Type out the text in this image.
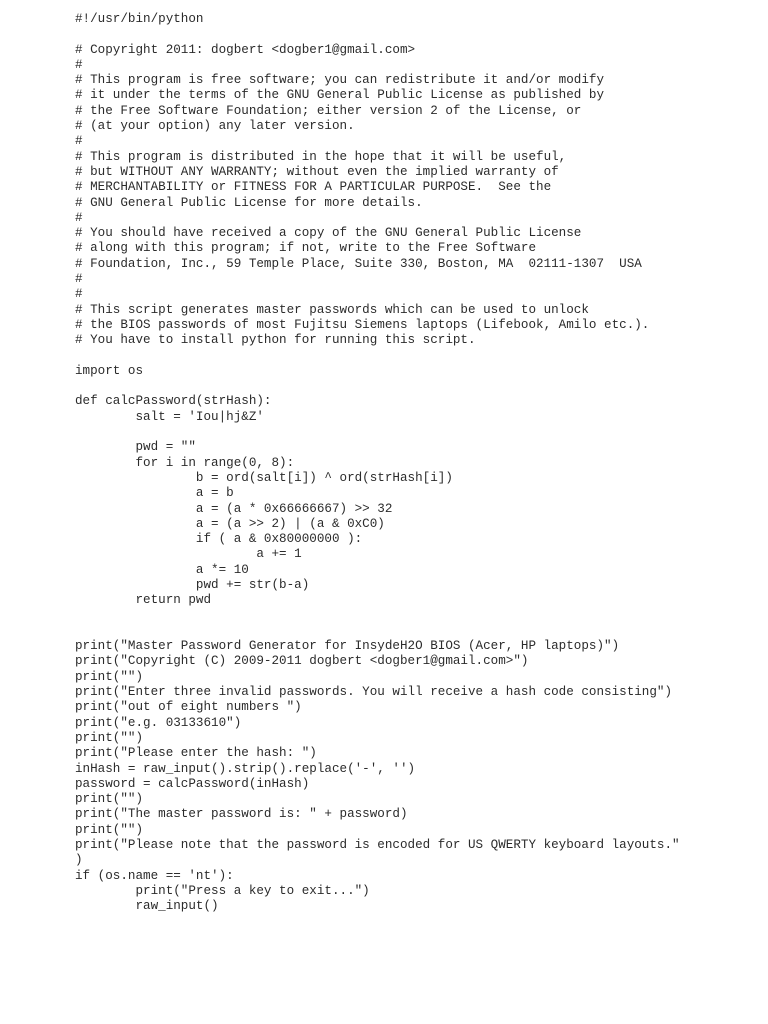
#!/usr/bin/python
# Copyright 2011: dogbert <dogber1@gmail.com>
#
# This program is free software; you can redistribute it and/or modify
# it under the terms of the GNU General Public License as published by
# the Free Software Foundation; either version 2 of the License, or
# (at your option) any later version.
#
# This program is distributed in the hope that it will be useful,
# but WITHOUT ANY WARRANTY; without even the implied warranty of
# MERCHANTABILITY or FITNESS FOR A PARTICULAR PURPOSE.  See the
# GNU General Public License for more details.
#
# You should have received a copy of the GNU General Public License
# along with this program; if not, write to the Free Software
# Foundation, Inc., 59 Temple Place, Suite 330, Boston, MA  02111-1307  USA
#
#
# This script generates master passwords which can be used to unlock
# the BIOS passwords of most Fujitsu Siemens laptops (Lifebook, Amilo etc.).
# You have to install python for running this script.
import os
def calcPassword(strHash):
salt = 'Iou|hj&Z'
pwd = ""
for i in range(0, 8):
b = ord(salt[i]) ^ ord(strHash[i])
a = b
a = (a * 0x66666667) >> 32
a = (a >> 2) | (a & 0xC0)
if ( a & 0x80000000 ):
a += 1
a *= 10
pwd += str(b-a)
return pwd
print("Master Password Generator for InsydeH2O BIOS (Acer, HP laptops)")
print("Copyright (C) 2009-2011 dogbert <dogber1@gmail.com>")
print("")
print("Enter three invalid passwords. You will receive a hash code consisting")
print("out of eight numbers ")
print("e.g. 03133610")
print("")
print("Please enter the hash: ")
inHash = raw_input().strip().replace('-', '')
password = calcPassword(inHash)
print("")
print("The master password is: " + password)
print("")
print("Please note that the password is encoded for US QWERTY keyboard layouts."
)
if (os.name == 'nt'):
print("Press a key to exit...")
raw_input()
